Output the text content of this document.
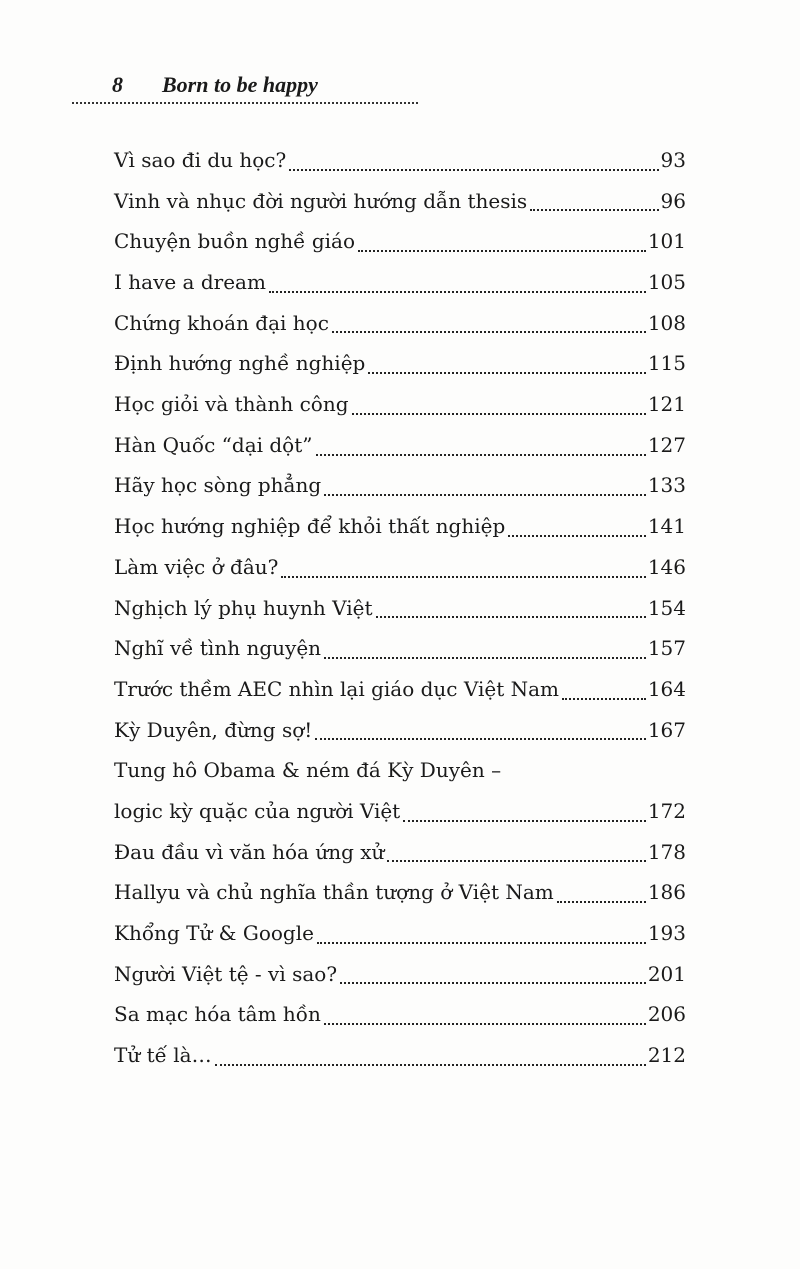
8 Born to be happy
Vì sao đi du học?	93
Vinh và nhục đời người hướng dẫn thesis	96
Chuyện buồn nghề giáo	101
I have a dream	105
Chứng khoán đại học	108
Định hướng nghề nghiệp	115
Học giỏi và thành công	121
Hàn Quốc “dại dột”	127
Hãy học sòng phẳng	133
Học hướng nghiệp để khỏi thất nghiệp	141
Làm việc ở đâu?	146
Nghịch lý phụ huynh Việt	154
Nghĩ về tình nguyện	157
Trước thềm AEC nhìn lại giáo dục Việt Nam	164
Kỳ Duyên, đừng sợ!	167
Tung hô Obama & ném đá Kỳ Duyên –
logic kỳ quặc của người Việt	172
Đau đầu vì văn hóa ứng xử	178
Hallyu và chủ nghĩa thần tượng ở Việt Nam	186
Khổng Tử & Google	193
Người Việt tệ - vì sao?	201
Sa mạc hóa tâm hồn	206
Tử tế là…	212
